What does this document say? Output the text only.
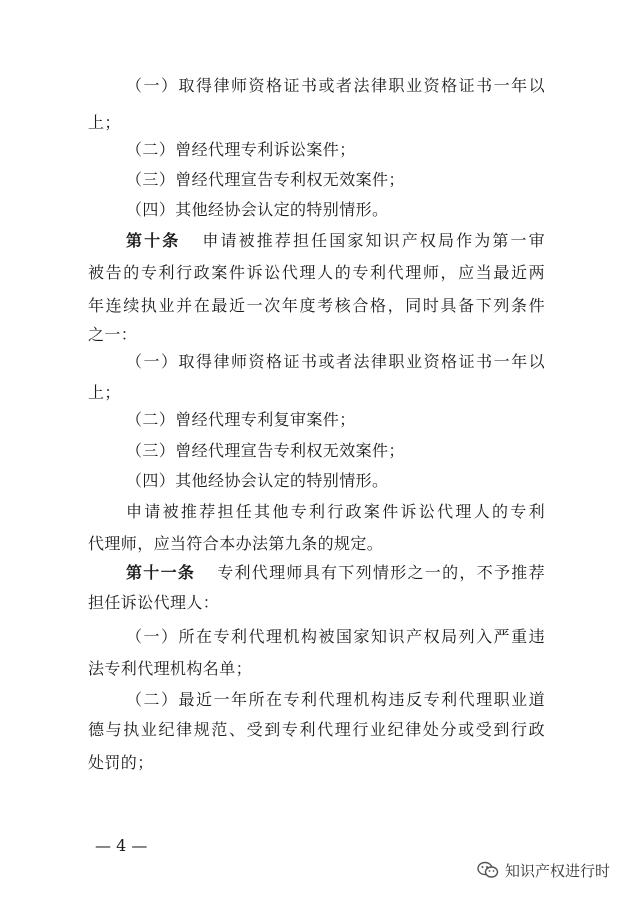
（一）取得律师资格证书或者法律职业资格证书一年以
上；
（二）曾经代理专利诉讼案件；
（三）曾经代理宣告专利权无效案件；
（四）其他经协会认定的特别情形。
第十条 申请被推荐担任国家知识产权局作为第一审
被告的专利行政案件诉讼代理人的专利代理师，应当最近两
年连续执业并在最近一次年度考核合格，同时具备下列条件
之一：
（一）取得律师资格证书或者法律职业资格证书一年以
上；
（二）曾经代理专利复审案件；
（三）曾经代理宣告专利权无效案件；
（四）其他经协会认定的特别情形。
申请被推荐担任其他专利行政案件诉讼代理人的专利
代理师，应当符合本办法第九条的规定。
第十一条 专利代理师具有下列情形之一的，不予推荐
担任诉讼代理人：
（一）所在专利代理机构被国家知识产权局列入严重违
法专利代理机构名单；
（二）最近一年所在专利代理机构违反专利代理职业道
德与执业纪律规范、受到专利代理行业纪律处分或受到行政
处罚的；
— 4 —
知识产权进行时
